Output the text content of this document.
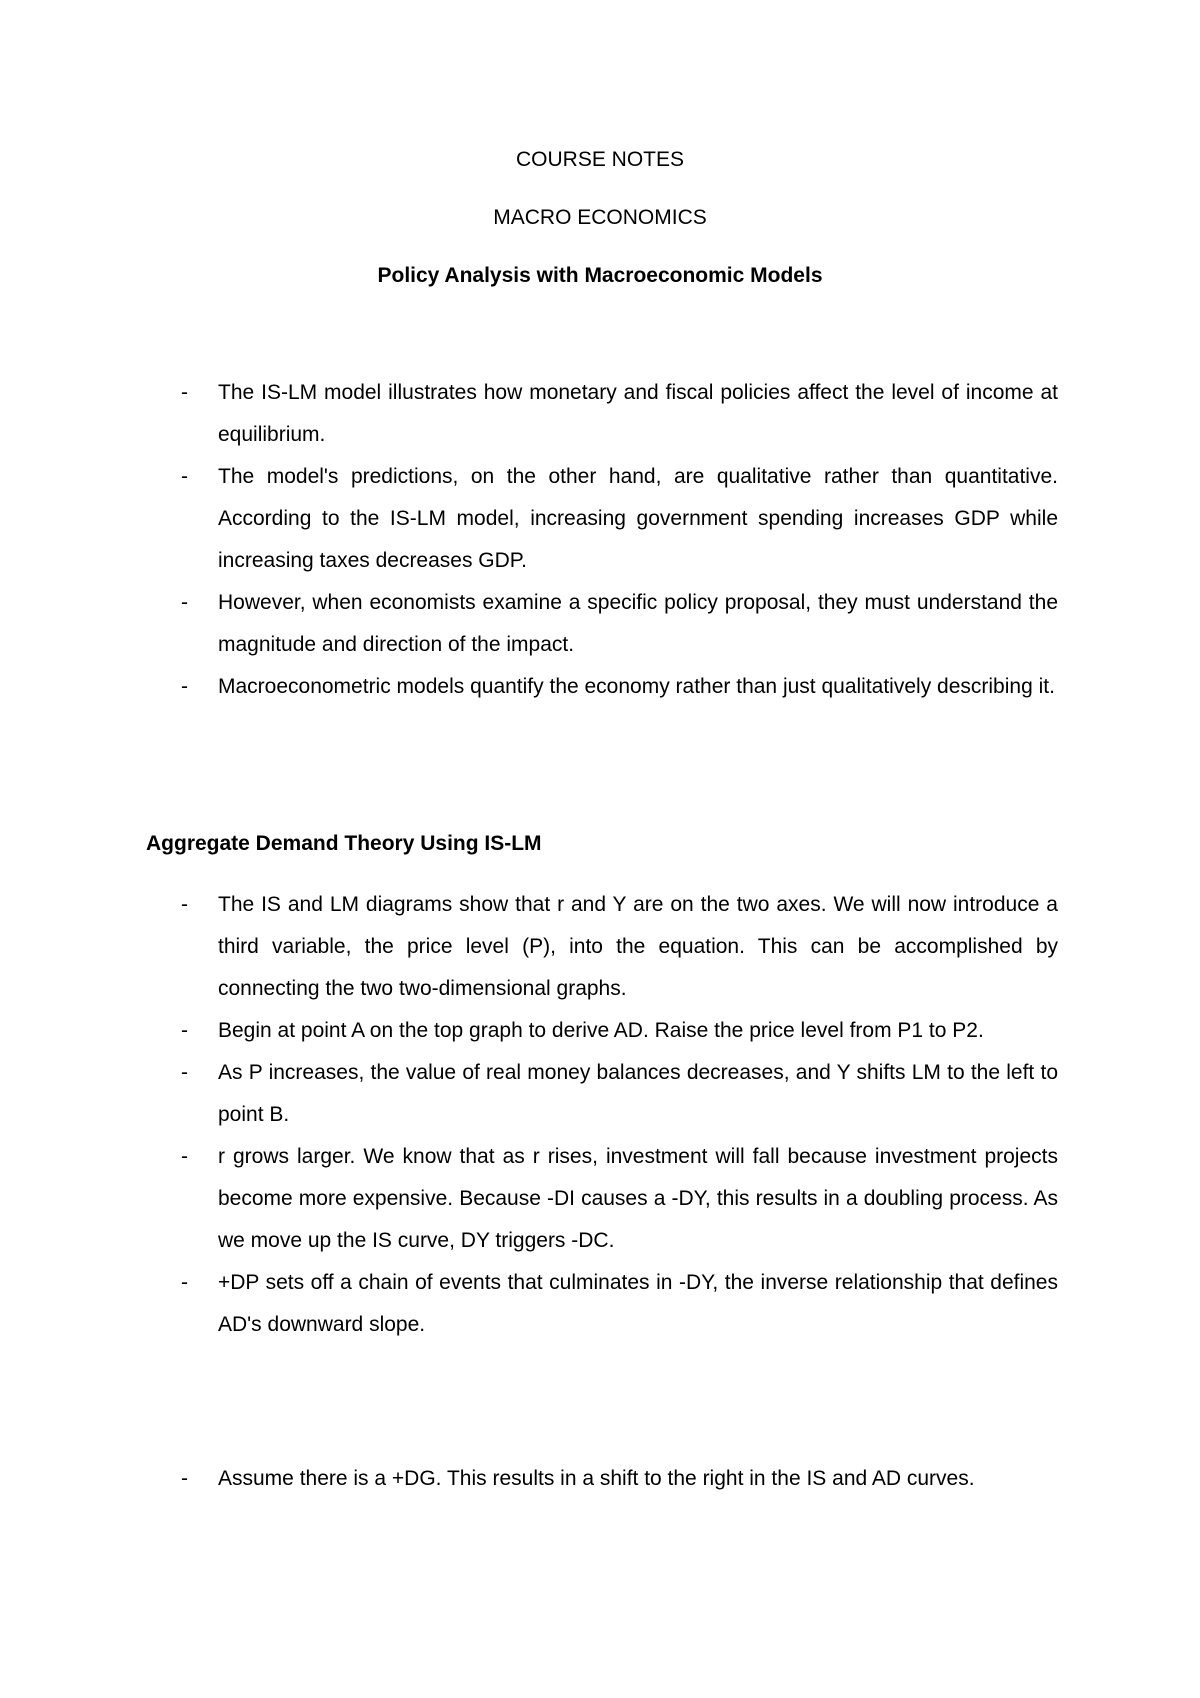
COURSE NOTES
MACRO ECONOMICS
Policy Analysis with Macroeconomic Models
- The IS-LM model illustrates how monetary and fiscal policies affect the level of income at equilibrium.
- The model's predictions, on the other hand, are qualitative rather than quantitative. According to the IS-LM model, increasing government spending increases GDP while increasing taxes decreases GDP.
- However, when economists examine a specific policy proposal, they must understand the magnitude and direction of the impact.
- Macroeconometric models quantify the economy rather than just qualitatively describing it.
Aggregate Demand Theory Using IS-LM
- The IS and LM diagrams show that r and Y are on the two axes. We will now introduce a third variable, the price level (P), into the equation. This can be accomplished by connecting the two two-dimensional graphs.
- Begin at point A on the top graph to derive AD. Raise the price level from P1 to P2.
- As P increases, the value of real money balances decreases, and Y shifts LM to the left to point B.
- r grows larger. We know that as r rises, investment will fall because investment projects become more expensive. Because -DI causes a -DY, this results in a doubling process. As we move up the IS curve, DY triggers -DC.
- +DP sets off a chain of events that culminates in -DY, the inverse relationship that defines AD's downward slope.
- Assume there is a +DG. This results in a shift to the right in the IS and AD curves.
